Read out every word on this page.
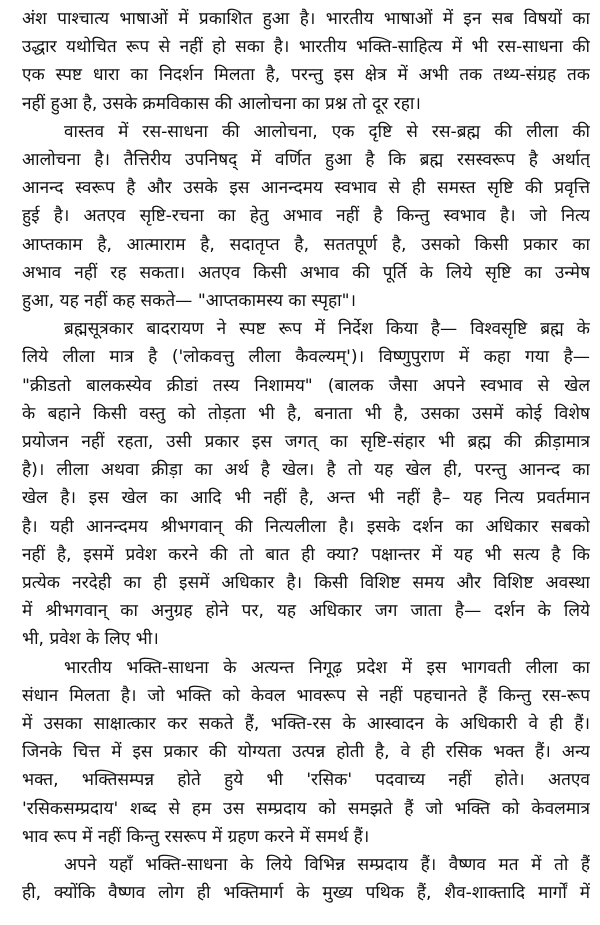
अंश पाश्चात्य भाषाओं में प्रकाशित हुआ है। भारतीय भाषाओं में इन सब विषयों का
उद्धार यथोचित रूप से नहीं हो सका है। भारतीय भक्ति-साहित्य में भी रस-साधना की
एक स्पष्ट धारा का निदर्शन मिलता है, परन्तु इस क्षेत्र में अभी तक तथ्य-संग्रह तक
नहीं हुआ है, उसके क्रमविकास की आलोचना का प्रश्न तो दूर रहा।
वास्तव में रस-साधना की आलोचना, एक दृष्टि से रस-ब्रह्म की लीला की
आलोचना है। तैत्तिरीय उपनिषद् में वर्णित हुआ है कि ब्रह्म रसस्वरूप है अर्थात्
आनन्द स्वरूप है और उसके इस आनन्दमय स्वभाव से ही समस्त सृष्टि की प्रवृत्ति
हुई है। अतएव सृष्टि-रचना का हेतु अभाव नहीं है किन्तु स्वभाव है। जो नित्य
आप्तकाम है, आत्माराम है, सदातृप्त है, सततपूर्ण है, उसको किसी प्रकार का
अभाव नहीं रह सकता। अतएव किसी अभाव की पूर्ति के लिये सृष्टि का उन्मेष
हुआ, यह नहीं कह सकते— "आप्तकामस्य का स्पृहा"।
ब्रह्मसूत्रकार बादरायण ने स्पष्ट रूप में निर्देश किया है— विश्वसृष्टि ब्रह्म के
लिये लीला मात्र है ('लोकवत्तु लीला कैवल्यम्')। विष्णुपुराण में कहा गया है—
"क्रीडतो बालकस्येव क्रीडां तस्य निशामय" (बालक जैसा अपने स्वभाव से खेल
के बहाने किसी वस्तु को तोड़ता भी है, बनाता भी है, उसका उसमें कोई विशेष
प्रयोजन नहीं रहता, उसी प्रकार इस जगत् का सृष्टि-संहार भी ब्रह्म की क्रीड़ामात्र
है)। लीला अथवा क्रीड़ा का अर्थ है खेल। है तो यह खेल ही, परन्तु आनन्द का
खेल है। इस खेल का आदि भी नहीं है, अन्त भी नहीं है– यह नित्य प्रवर्तमान
है। यही आनन्दमय श्रीभगवान् की नित्यलीला है। इसके दर्शन का अधिकार सबको
नहीं है, इसमें प्रवेश करने की तो बात ही क्या? पक्षान्तर में यह भी सत्य है कि
प्रत्येक नरदेही का ही इसमें अधिकार है। किसी विशिष्ट समय और विशिष्ट अवस्था
में श्रीभगवान् का अनुग्रह होने पर, यह अधिकार जग जाता है— दर्शन के लिये
भी, प्रवेश के लिए भी।
भारतीय भक्ति-साधना के अत्यन्त निगूढ़ प्रदेश में इस भागवती लीला का
संधान मिलता है। जो भक्ति को केवल भावरूप से नहीं पहचानते हैं किन्तु रस-रूप
में उसका साक्षात्कार कर सकते हैं, भक्ति-रस के आस्वादन के अधिकारी वे ही हैं।
जिनके चित्त में इस प्रकार की योग्यता उत्पन्न होती है, वे ही रसिक भक्त हैं। अन्य
भक्त, भक्तिसम्पन्न होते हुये भी 'रसिक' पदवाच्य नहीं होते। अतएव
'रसिकसम्प्रदाय' शब्द से हम उस सम्प्रदाय को समझते हैं जो भक्ति को केवलमात्र
भाव रूप में नहीं किन्तु रसरूप में ग्रहण करने में समर्थ हैं।
अपने यहाँ भक्ति-साधना के लिये विभिन्न सम्प्रदाय हैं। वैष्णव मत में तो हैं
ही, क्योंकि वैष्णव लोग ही भक्तिमार्ग के मुख्य पथिक हैं, शैव-शाक्तादि मार्गों में
